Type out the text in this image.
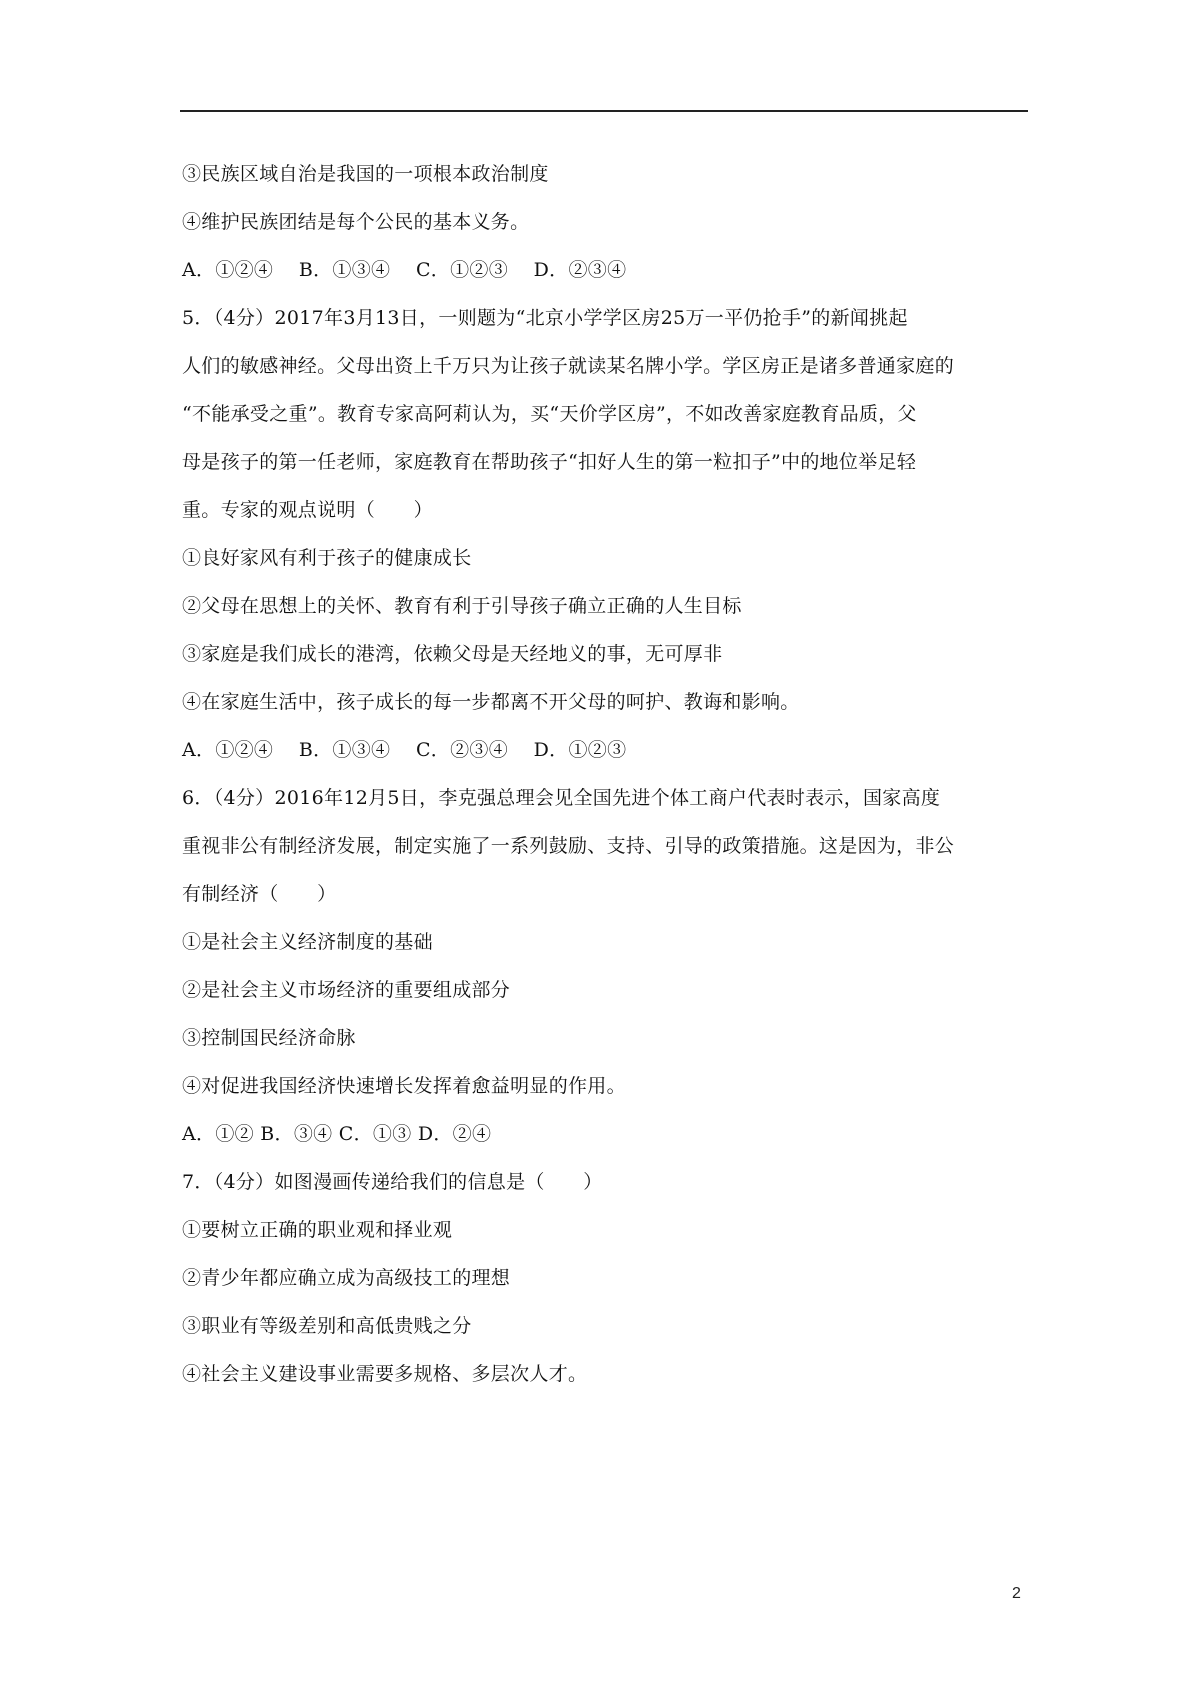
③民族区域自治是我国的一项根本政治制度
④维护民族团结是每个公民的基本义务。
A．①②④　 B．①③④　 C．①②③　 D．②③④
5．（4分）2017年3月13日，一则题为“北京小学学区房25万一平仍抢手”的新闻挑起
人们的敏感神经。父母出资上千万只为让孩子就读某名牌小学。学区房正是诸多普通家庭的
“不能承受之重”。教育专家高阿莉认为，买“天价学区房”，不如改善家庭教育品质，父
母是孩子的第一任老师，家庭教育在帮助孩子“扣好人生的第一粒扣子”中的地位举足轻
重。专家的观点说明（　　）
①良好家风有利于孩子的健康成长
②父母在思想上的关怀、教育有利于引导孩子确立正确的人生目标
③家庭是我们成长的港湾，依赖父母是天经地义的事，无可厚非
④在家庭生活中，孩子成长的每一步都离不开父母的呵护、教诲和影响。
A．①②④　 B．①③④　 C．②③④　 D．①②③
6．（4分）2016年12月5日，李克强总理会见全国先进个体工商户代表时表示，国家高度
重视非公有制经济发展，制定实施了一系列鼓励、支持、引导的政策措施。这是因为，非公
有制经济（　　）
①是社会主义经济制度的基础
②是社会主义市场经济的重要组成部分
③控制国民经济命脉
④对促进我国经济快速增长发挥着愈益明显的作用。
A．①② B．③④ C．①③ D．②④
7．（4分）如图漫画传递给我们的信息是（　　）
①要树立正确的职业观和择业观
②青少年都应确立成为高级技工的理想
③职业有等级差别和高低贵贱之分
④社会主义建设事业需要多规格、多层次人才。
2
